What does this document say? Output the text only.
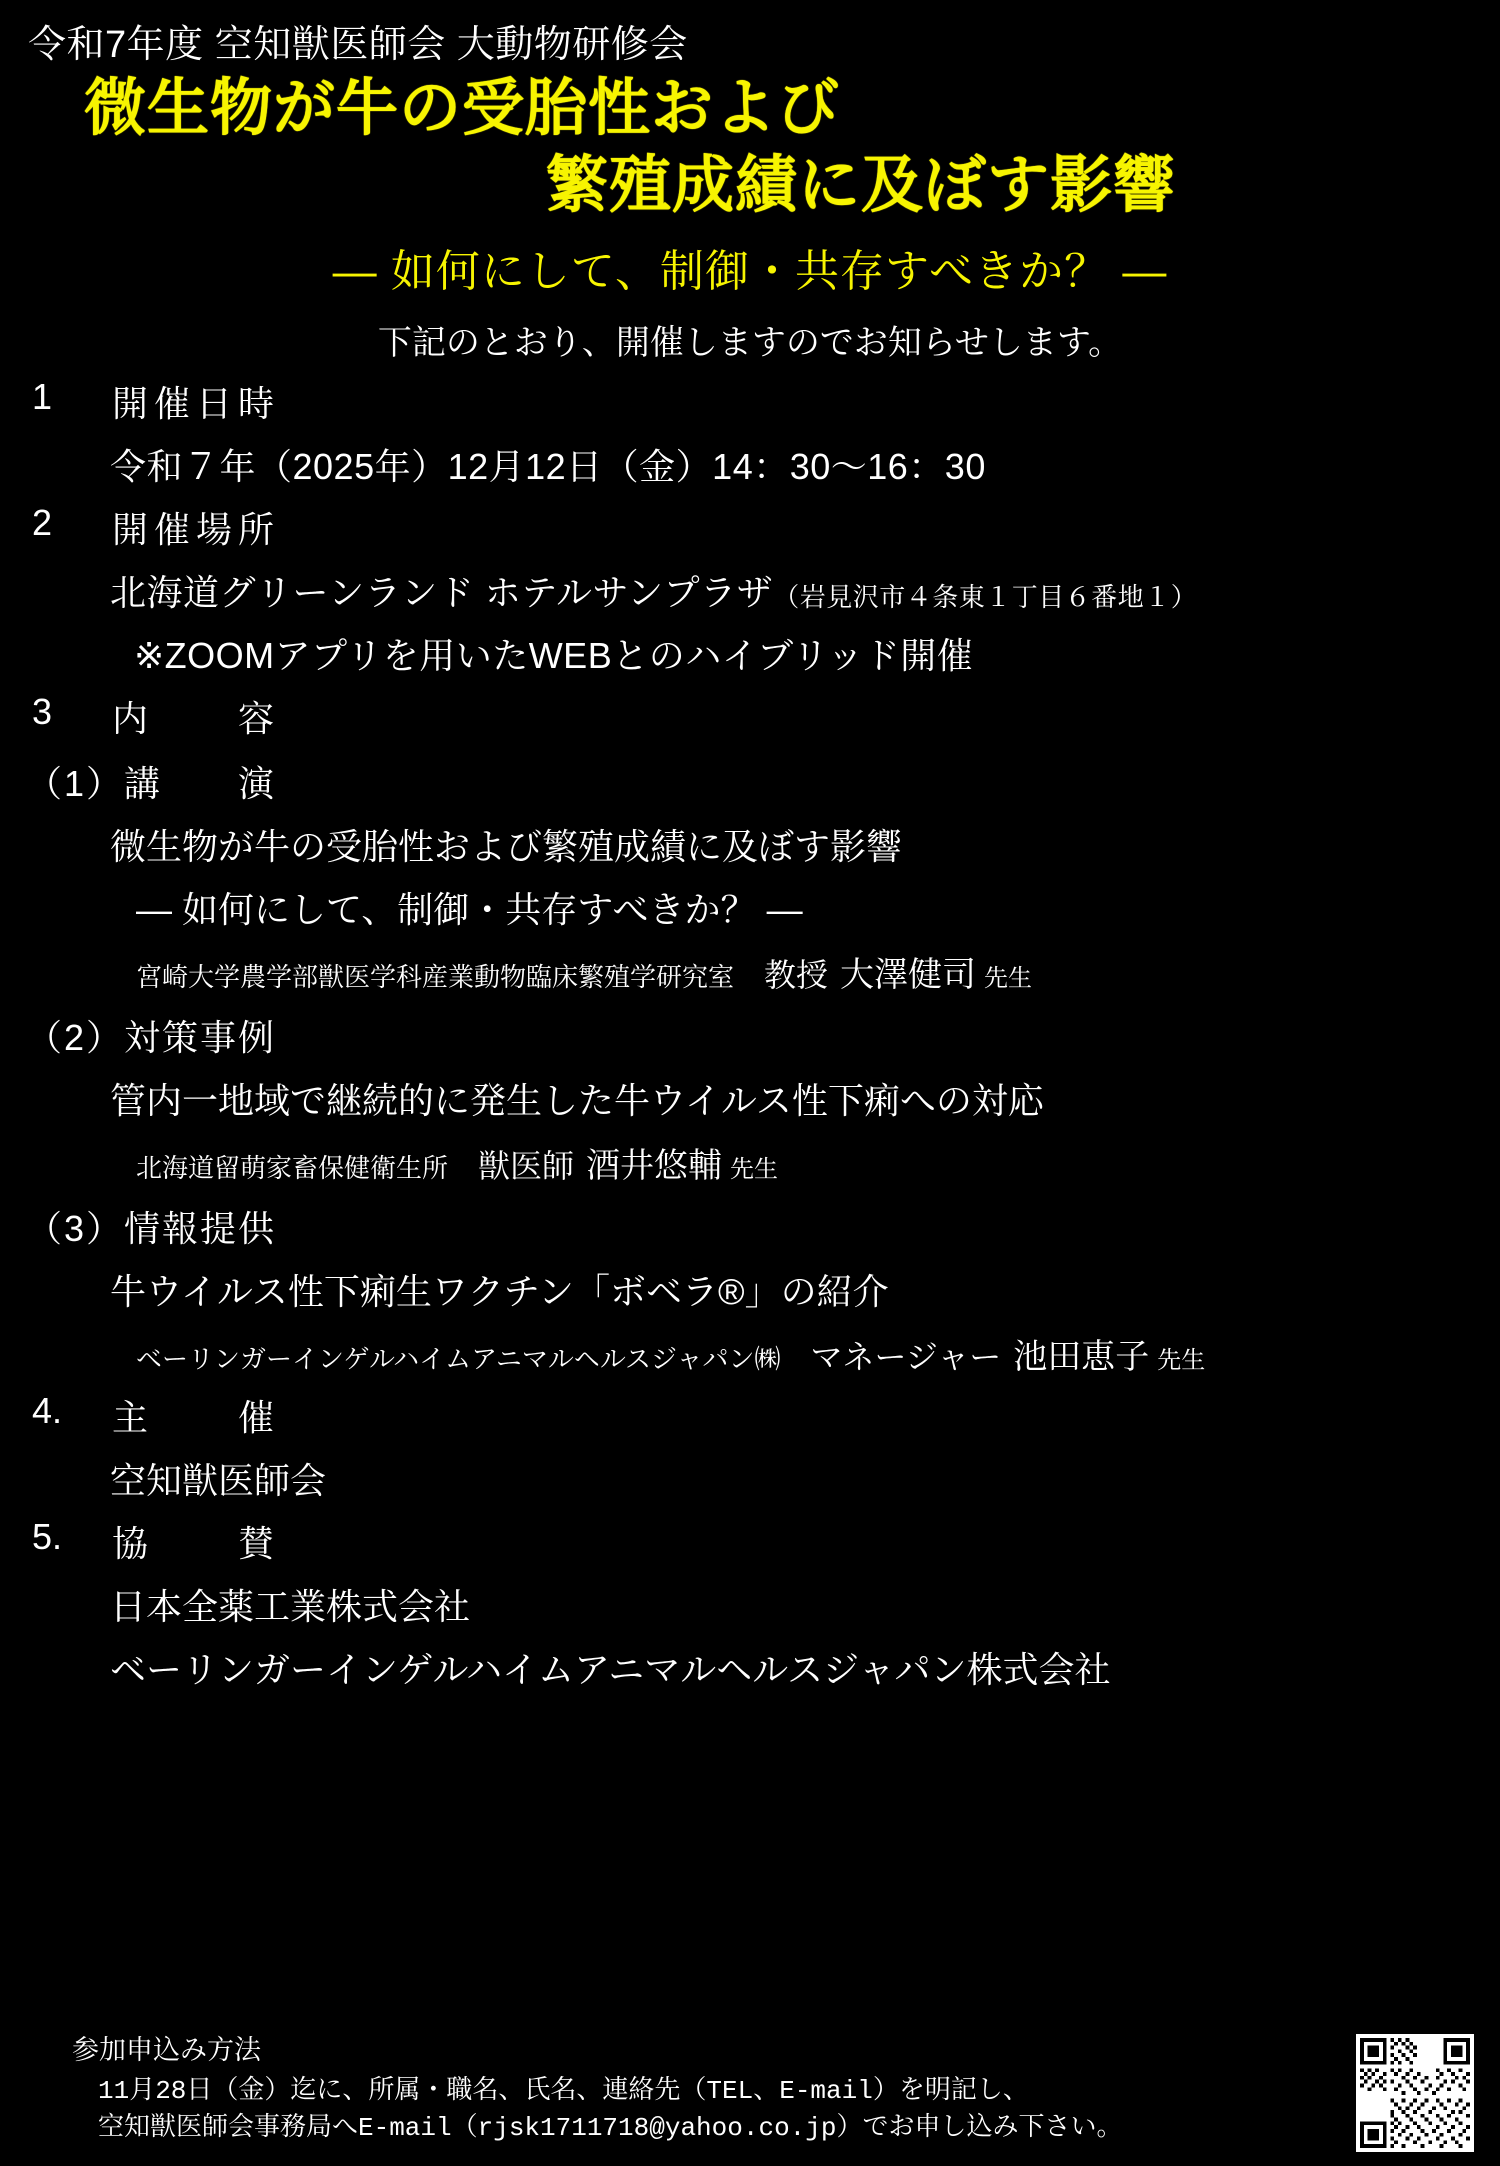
令和7年度 空知獣医師会 大動物研修会
微生物が牛の受胎性および
繁殖成績に及ぼす影響
― 如何にして、制御・共存すべきか？ ―
下記のとおり、開催しますのでお知らせします。
1	開催日時
令和７年（2025年）12月12日（金）14：30〜16：30
2	開催場所
北海道グリーンランド ホテルサンプラザ（岩見沢市４条東１丁目６番地１）
※ZOOMアプリを用いたWEBとのハイブリッド開催
3	内　　容
（1）講　　演
微生物が牛の受胎性および繁殖成績に及ぼす影響
― 如何にして、制御・共存すべきか？ ―
宮崎大学農学部獣医学科産業動物臨床繁殖学研究室 教授 大澤健司 先生
（2）対策事例
管内一地域で継続的に発生した牛ウイルス性下痢への対応
北海道留萌家畜保健衛生所 獣医師 酒井悠輔 先生
（3）情報提供
牛ウイルス性下痢生ワクチン「ボベラ®」の紹介
ベーリンガーインゲルハイムアニマルヘルスジャパン㈱ マネージャー 池田恵子 先生
4.	主　　催
空知獣医師会
5.	協　　賛
日本全薬工業株式会社
ベーリンガーインゲルハイムアニマルヘルスジャパン株式会社
参加申込み方法
11月28日（金）迄に、所属・職名、氏名、連絡先（TEL、E-mail）を明記し、
空知獣医師会事務局へE-mail（rjsk1711718@yahoo.co.jp）でお申し込み下さい。
